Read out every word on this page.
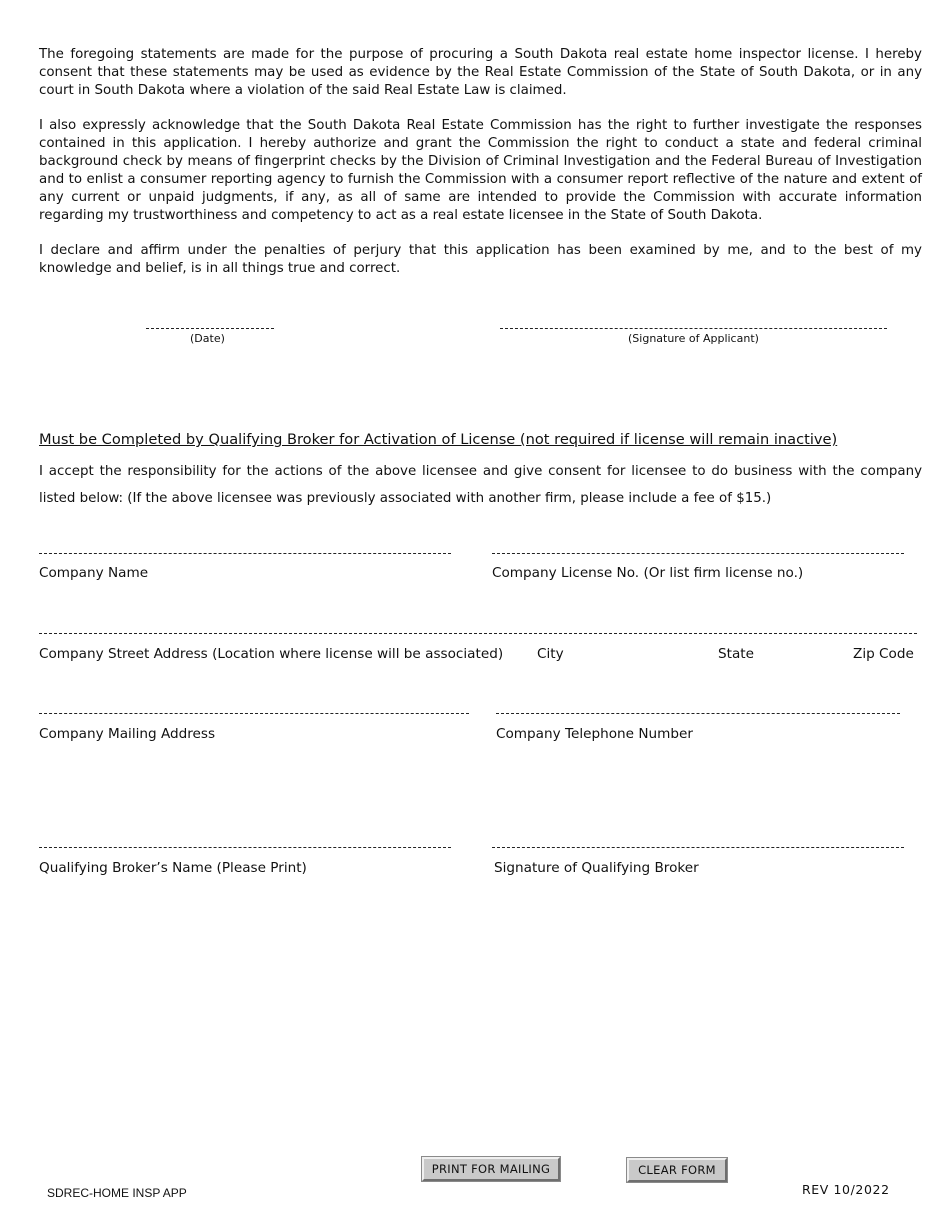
The foregoing statements are made for the purpose of procuring a South Dakota real estate home inspector license. I hereby consent that these statements may be used as evidence by the Real Estate Commission of the State of South Dakota, or in any court in South Dakota where a violation of the said Real Estate Law is claimed.

I also expressly acknowledge that the South Dakota Real Estate Commission has the right to further investigate the responses contained in this application. I hereby authorize and grant the Commission the right to conduct a state and federal criminal background check by means of fingerprint checks by the Division of Criminal Investigation and the Federal Bureau of Investigation and to enlist a consumer reporting agency to furnish the Commission with a consumer report reflective of the nature and extent of any current or unpaid judgments, if any, as all of same are intended to provide the Commission with accurate information regarding my trustworthiness and competency to act as a real estate licensee in the State of South Dakota.

I declare and affirm under the penalties of perjury that this application has been examined by me, and to the best of my knowledge and belief, is in all things true and correct.

(Date)	(Signature of Applicant)
Must be Completed by Qualifying Broker for Activation of License (not required if license will remain inactive)

I accept the responsibility for the actions of the above licensee and give consent for licensee to do business with the company listed below: (If the above licensee was previously associated with another firm, please include a fee of $15.)

Company Name	Company License No. (Or list firm license no.)
Company Street Address (Location where license will be associated) City	State	Zip Code
Company Mailing Address	Company Telephone Number
Qualifying Broker’s Name (Please Print)	Signature of Qualifying Broker
PRINT FOR MAILING	CLEAR FORM
SDREC-HOME INSP APP	REV 10/2022
